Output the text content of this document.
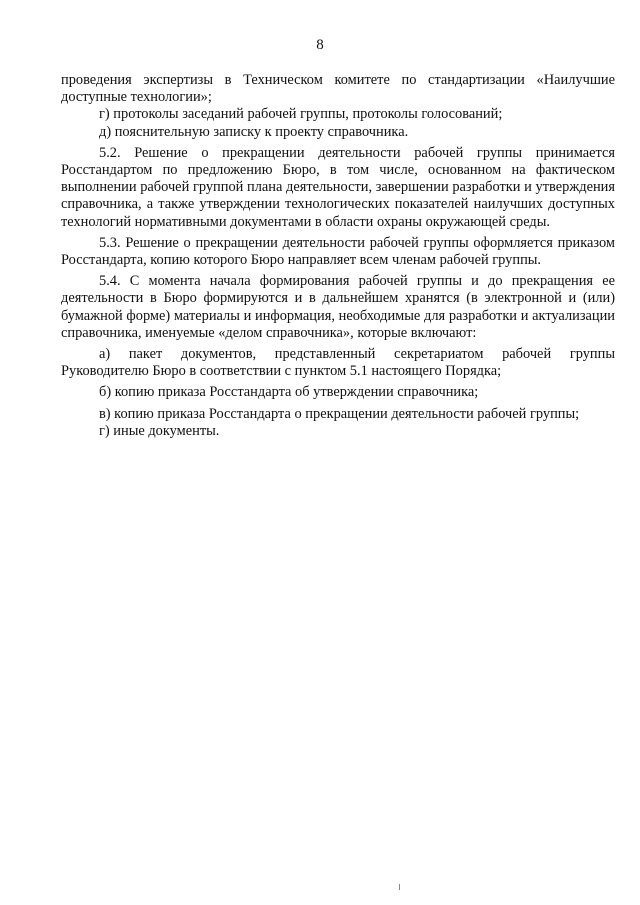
8

проведения экспертизы в Техническом комитете по стандартизации «Наилучшие доступные технологии»;

г) протоколы заседаний рабочей группы, протоколы голосований;

д) пояснительную записку к проекту справочника.

5.2. Решение о прекращении деятельности рабочей группы принимается Росстандартом по предложению Бюро, в том числе, основанном на фактическом выполнении рабочей группой плана деятельности, завершении разработки и утверждения справочника, а также утверждении технологических показателей наилучших доступных технологий нормативными документами в области охраны окружающей среды.

5.3. Решение о прекращении деятельности рабочей группы оформляется приказом Росстандарта, копию которого Бюро направляет всем членам рабочей группы.

5.4. С момента начала формирования рабочей группы и до прекращения ее деятельности в Бюро формируются и в дальнейшем хранятся (в электронной и (или) бумажной форме) материалы и информация, необходимые для разработки и актуализации справочника, именуемые «делом справочника», которые включают:

а) пакет документов, представленный секретариатом рабочей группы Руководителю Бюро в соответствии с пунктом 5.1 настоящего Порядка;

б) копию приказа Росстандарта об утверждении справочника;

в) копию приказа Росстандарта о прекращении деятельности рабочей группы;

г) иные документы.
